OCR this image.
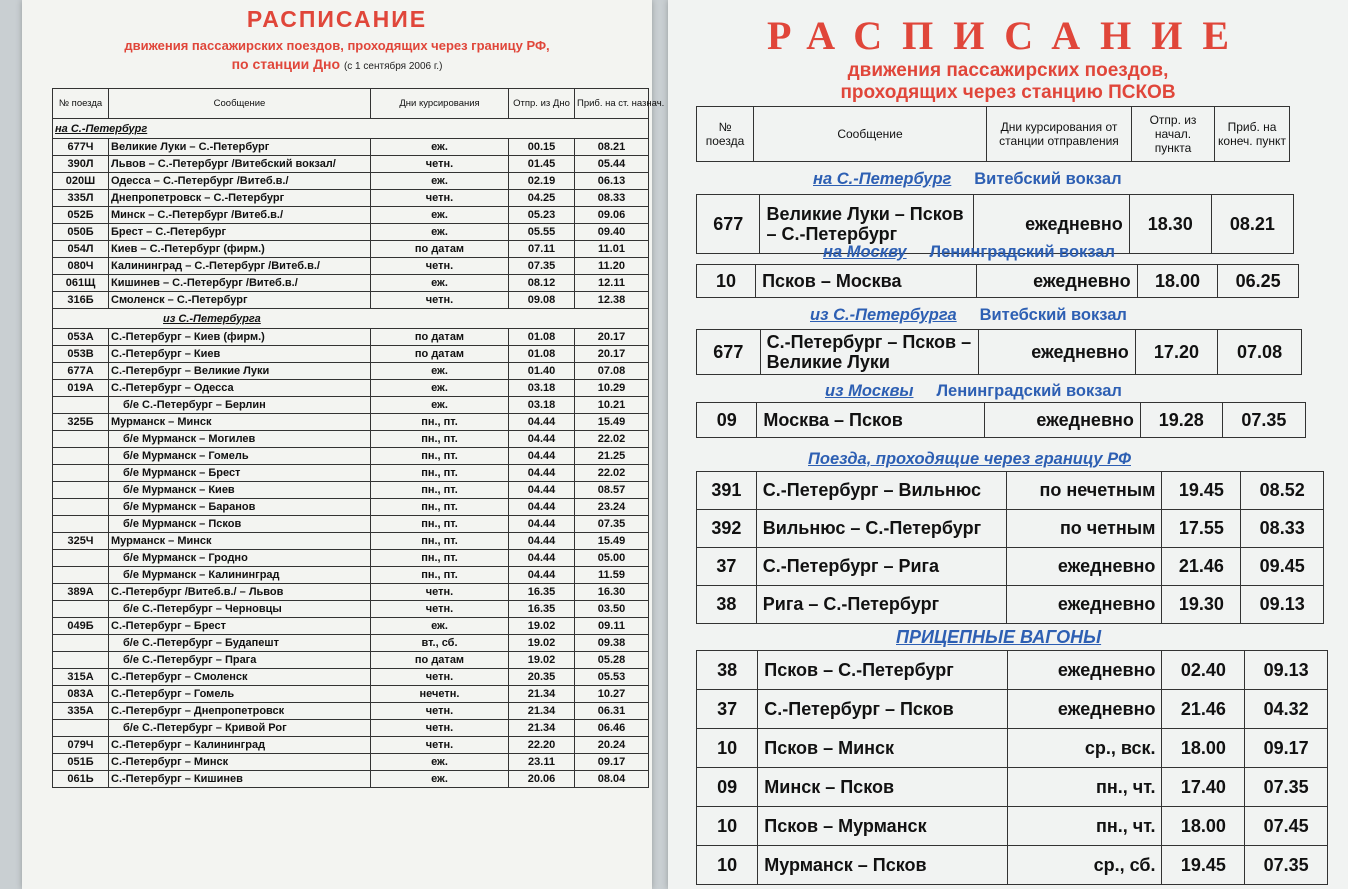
РАСПИСАНИЕ
движения пассажирских поездов, проходящих через границу РФ,
по станции Дно (с 1 сентября 2006 г.)
№ поезда	Сообщение	Дни курсирования	Отпр. из Дно	Приб. на ст. назнач.
на С.-Петербург				
677Ч	Великие Луки – С.-Петербург	еж.	00.15	08.21
390Л	Львов – С.-Петербург /Витебский вокзал/	четн.	01.45	05.44
020Ш	Одесса – С.-Петербург /Витеб.в./	еж.	02.19	06.13
335Л	Днепропетровск – С.-Петербург	четн.	04.25	08.33
052Б	Минск – С.-Петербург /Витеб.в./	еж.	05.23	09.06
050Б	Брест – С.-Петербург	еж.	05.55	09.40
054Л	Киев – С.-Петербург (фирм.)	по датам	07.11	11.01
080Ч	Калининград – С.-Петербург /Витеб.в./	четн.	07.35	11.20
061Щ	Кишинев – С.-Петербург /Витеб.в./	еж.	08.12	12.11
316Б	Смоленск – С.-Петербург	четн.	09.08	12.38
из С.-Петербурга				
053А	С.-Петербург – Киев (фирм.)	по датам	01.08	20.17
053В	С.-Петербург – Киев	по датам	01.08	20.17
677А	С.-Петербург – Великие Луки	еж.	01.40	07.08
019А	С.-Петербург – Одесса	еж.	03.18	10.29
	б/е С.-Петербург – Берлин	еж.	03.18	10.21
325Б	Мурманск – Минск	пн., пт.	04.44	15.49
	б/е Мурманск – Могилев	пн., пт.	04.44	22.02
	б/е Мурманск – Гомель	пн., пт.	04.44	21.25
	б/е Мурманск – Брест	пн., пт.	04.44	22.02
	б/е Мурманск – Киев	пн., пт.	04.44	08.57
	б/е Мурманск – Баранов	пн., пт.	04.44	23.24
	б/е Мурманск – Псков	пн., пт.	04.44	07.35
325Ч	Мурманск – Минск	пн., пт.	04.44	15.49
	б/е Мурманск – Гродно	пн., пт.	04.44	05.00
	б/е Мурманск – Калининград	пн., пт.	04.44	11.59
389А	С.-Петербург /Витеб.в./ – Львов	четн.	16.35	16.30
	б/е С.-Петербург – Черновцы	четн.	16.35	03.50
049Б	С.-Петербург – Брест	еж.	19.02	09.11
	б/е С.-Петербург – Будапешт	вт., сб.	19.02	09.38
	б/е С.-Петербург – Прага	по датам	19.02	05.28
315А	С.-Петербург – Смоленск	четн.	20.35	05.53
083А	С.-Петербург – Гомель	нечетн.	21.34	10.27
335А	С.-Петербург – Днепропетровск	четн.	21.34	06.31
	б/е С.-Петербург – Кривой Рог	четн.	21.34	06.46
079Ч	С.-Петербург – Калининград	четн.	22.20	20.24
051Б	С.-Петербург – Минск	еж.	23.11	09.17
061Ь	С.-Петербург – Кишинев	еж.	20.06	08.04
РАСПИСАНИЕ
движения пассажирских поездов,
проходящих через станцию ПСКОВ
№ поезда	Сообщение	Дни курсирования от станции отправления	Отпр. из начал. пункта	Приб. на конеч. пункт
на С.-Петербург Витебский вокзал
677	Великие Луки – Псков – С.-Петербург	ежедневно	18.30	08.21
на Москву Ленинградский вокзал
10	Псков – Москва	ежедневно	18.00	06.25
из С.-Петербурга Витебский вокзал
677	С.-Петербург – Псков – Великие Луки	ежедневно	17.20	07.08
из Москвы Ленинградский вокзал
09	Москва – Псков	ежедневно	19.28	07.35
Поезда, проходящие через границу РФ
391	С.-Петербург – Вильнюс	по нечетным	19.45	08.52
392	Вильнюс – С.-Петербург	по четным	17.55	08.33
37	С.-Петербург – Рига	ежедневно	21.46	09.45
38	Рига – С.-Петербург	ежедневно	19.30	09.13
ПРИЦЕПНЫЕ ВАГОНЫ
38	Псков – С.-Петербург	ежедневно	02.40	09.13
37	С.-Петербург – Псков	ежедневно	21.46	04.32
10	Псков – Минск	ср., вск.	18.00	09.17
09	Минск – Псков	пн., чт.	17.40	07.35
10	Псков – Мурманск	пн., чт.	18.00	07.45
10	Мурманск – Псков	ср., сб.	19.45	07.35
